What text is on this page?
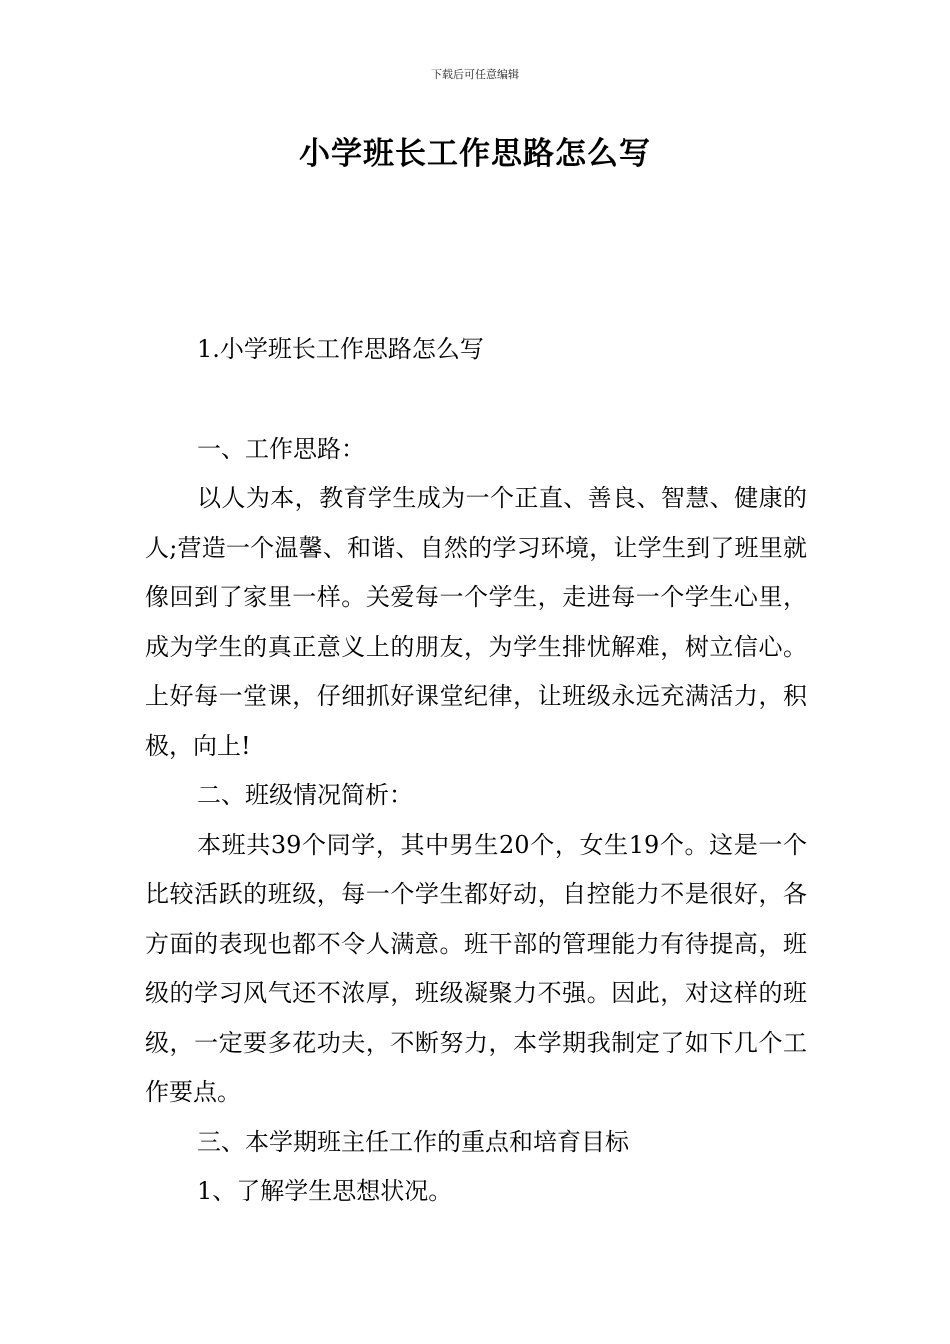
下载后可任意编辑
小学班长工作思路怎么写

1.小学班长工作思路怎么写

一、工作思路：

以人为本，教育学生成为一个正直、善良、智慧、健康的人;营造一个温馨、和谐、自然的学习环境，让学生到了班里就像回到了家里一样。关爱每一个学生，走进每一个学生心里，成为学生的真正意义上的朋友，为学生排忧解难，树立信心。上好每一堂课，仔细抓好课堂纪律，让班级永远充满活力，积极，向上!

二、班级情况简析：

本班共39个同学，其中男生20个，女生19个。这是一个比较活跃的班级，每一个学生都好动，自控能力不是很好，各方面的表现也都不令人满意。班干部的管理能力有待提高，班级的学习风气还不浓厚，班级凝聚力不强。因此，对这样的班级，一定要多花功夫，不断努力，本学期我制定了如下几个工作要点。

三、本学期班主任工作的重点和培育目标

1、了解学生思想状况。
